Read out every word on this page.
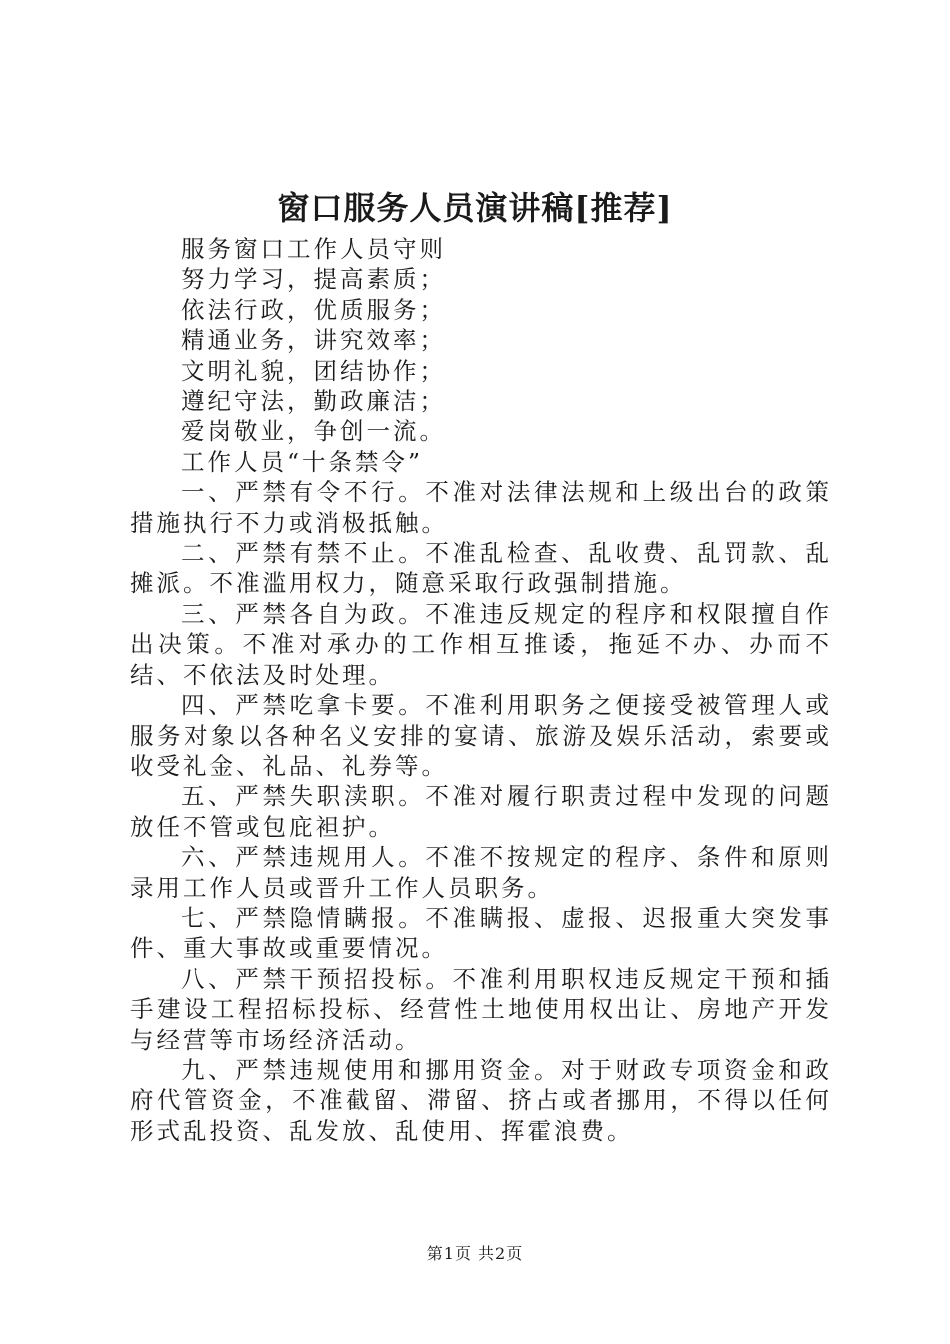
窗口服务人员演讲稿[推荐]

服务窗口工作人员守则

努力学习，提高素质；

依法行政，优质服务；

精通业务，讲究效率；

文明礼貌，团结协作；

遵纪守法，勤政廉洁；

爱岗敬业，争创一流。

工作人员“十条禁令”

一、严禁有令不行。不准对法律法规和上级出台的政策措施执行不力或消极抵触。

二、严禁有禁不止。不准乱检查、乱收费、乱罚款、乱摊派。不准滥用权力，随意采取行政强制措施。

三、严禁各自为政。不准违反规定的程序和权限擅自作出决策。不准对承办的工作相互推诿，拖延不办、办而不结、不依法及时处理。

四、严禁吃拿卡要。不准利用职务之便接受被管理人或服务对象以各种名义安排的宴请、旅游及娱乐活动，索要或收受礼金、礼品、礼券等。

五、严禁失职渎职。不准对履行职责过程中发现的问题放任不管或包庇袒护。

六、严禁违规用人。不准不按规定的程序、条件和原则录用工作人员或晋升工作人员职务。

七、严禁隐情瞒报。不准瞒报、虚报、迟报重大突发事件、重大事故或重要情况。

八、严禁干预招投标。不准利用职权违反规定干预和插手建设工程招标投标、经营性土地使用权出让、房地产开发与经营等市场经济活动。

九、严禁违规使用和挪用资金。对于财政专项资金和政府代管资金，不准截留、滞留、挤占或者挪用，不得以任何形式乱投资、乱发放、乱使用、挥霍浪费。

第1页 共2页
